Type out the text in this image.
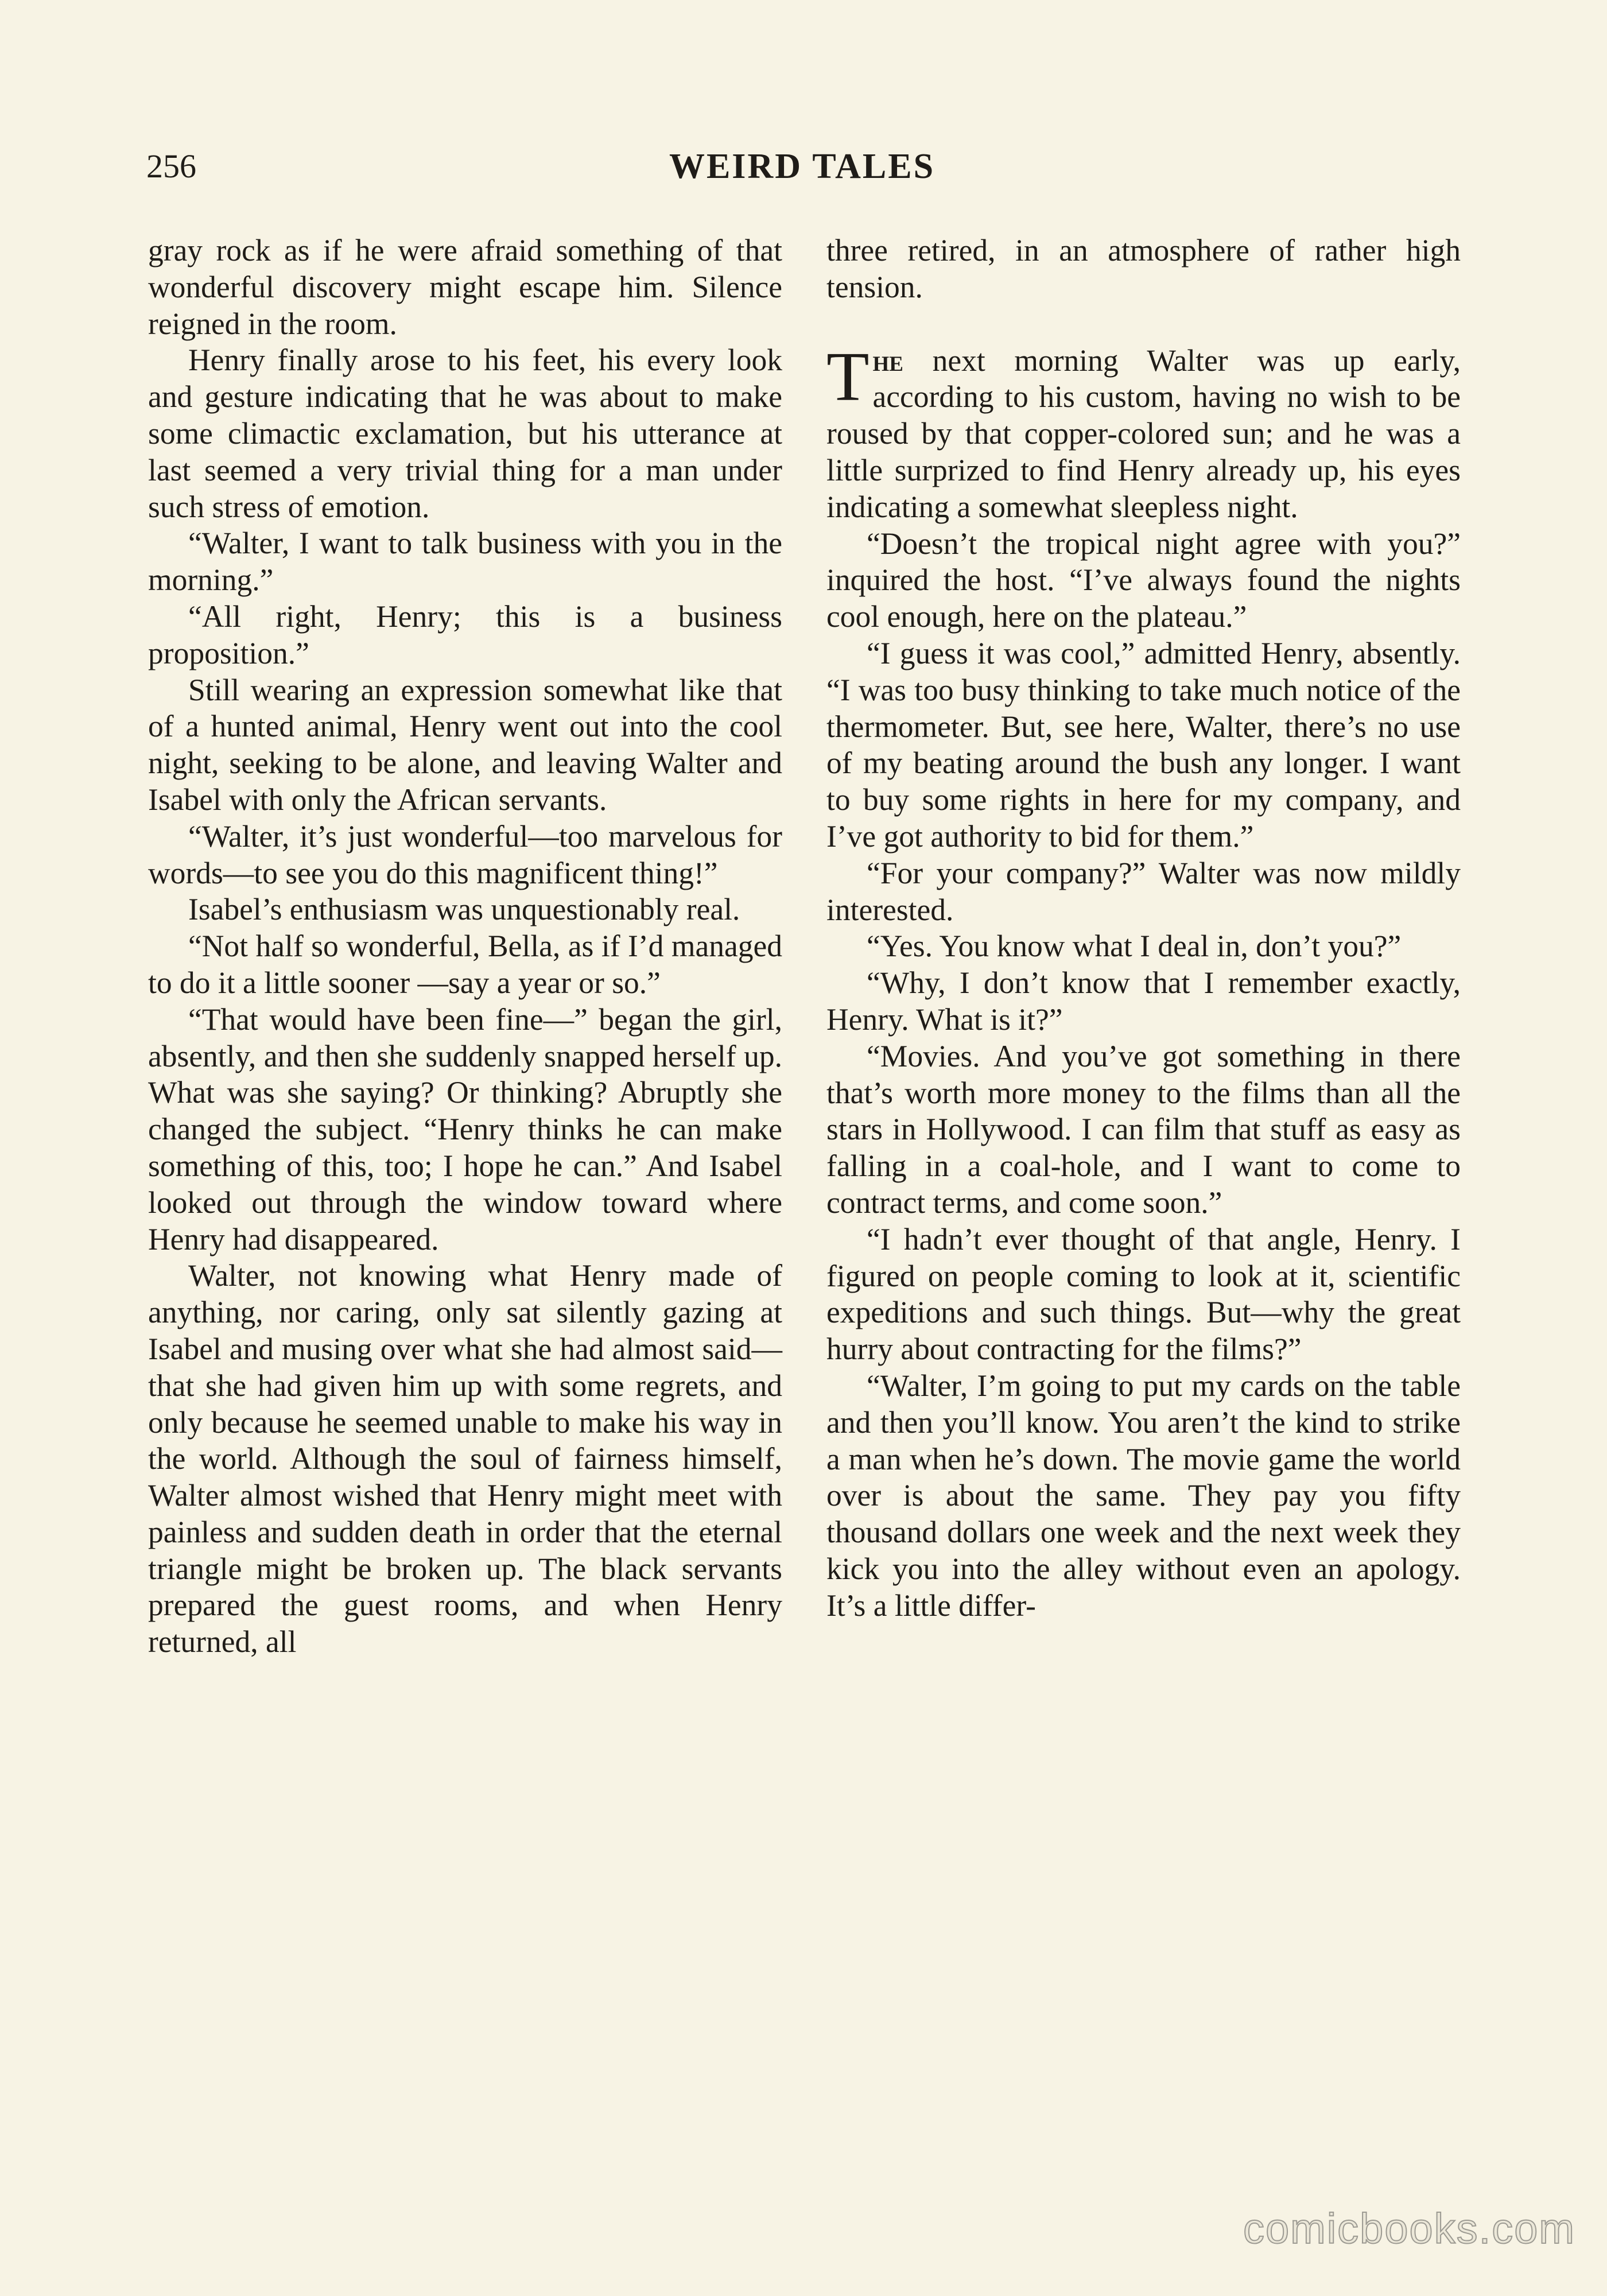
256	WEIRD TALES

gray rock as if he were afraid something of that wonderful discovery might escape him. Silence reigned in the room.

Henry finally arose to his feet, his every look and gesture indicating that he was about to make some climactic exclamation, but his utterance at last seemed a very trivial thing for a man under such stress of emotion.

“Walter, I want to talk business with you in the morning.”

“All right, Henry; this is a business proposition.”

Still wearing an expression somewhat like that of a hunted animal, Henry went out into the cool night, seeking to be alone, and leaving Walter and Isabel with only the African servants.

“Walter, it’s just wonderful—too marvelous for words—to see you do this magnificent thing!”

Isabel’s enthusiasm was unquestionably real.

“Not half so wonderful, Bella, as if I’d managed to do it a little sooner —say a year or so.”

“That would have been fine—” began the girl, absently, and then she suddenly snapped herself up. What was she saying? Or thinking? Abruptly she changed the subject. “Henry thinks he can make something of this, too; I hope he can.” And Isabel looked out through the window toward where Henry had disappeared.

Walter, not knowing what Henry made of anything, nor caring, only sat silently gazing at Isabel and musing over what she had almost said— that she had given him up with some regrets, and only because he seemed unable to make his way in the world. Although the soul of fairness himself, Walter almost wished that Henry might meet with painless and sudden death in order that the eternal triangle might be broken up. The black servants prepared the guest rooms, and when Henry returned, all

three retired, in an atmosphere of rather high tension.

The next morning Walter was up early, according to his custom, having no wish to be roused by that copper-colored sun; and he was a little surprized to find Henry already up, his eyes indicating a somewhat sleepless night.

“Doesn’t the tropical night agree with you?” inquired the host. “I’ve always found the nights cool enough, here on the plateau.”

“I guess it was cool,” admitted Henry, absently. “I was too busy thinking to take much notice of the thermometer. But, see here, Walter, there’s no use of my beating around the bush any longer. I want to buy some rights in here for my company, and I’ve got authority to bid for them.”

“For your company?” Walter was now mildly interested.

“Yes. You know what I deal in, don’t you?”

“Why, I don’t know that I remember exactly, Henry. What is it?”

“Movies. And you’ve got something in there that’s worth more money to the films than all the stars in Hollywood. I can film that stuff as easy as falling in a coal-hole, and I want to come to contract terms, and come soon.”

“I hadn’t ever thought of that angle, Henry. I figured on people coming to look at it, scientific expeditions and such things. But—why the great hurry about contracting for the films?”

“Walter, I’m going to put my cards on the table and then you’ll know. You aren’t the kind to strike a man when he’s down. The movie game the world over is about the same. They pay you fifty thousand dollars one week and the next week they kick you into the alley without even an apology. It’s a little differ-

comicbooks.com
